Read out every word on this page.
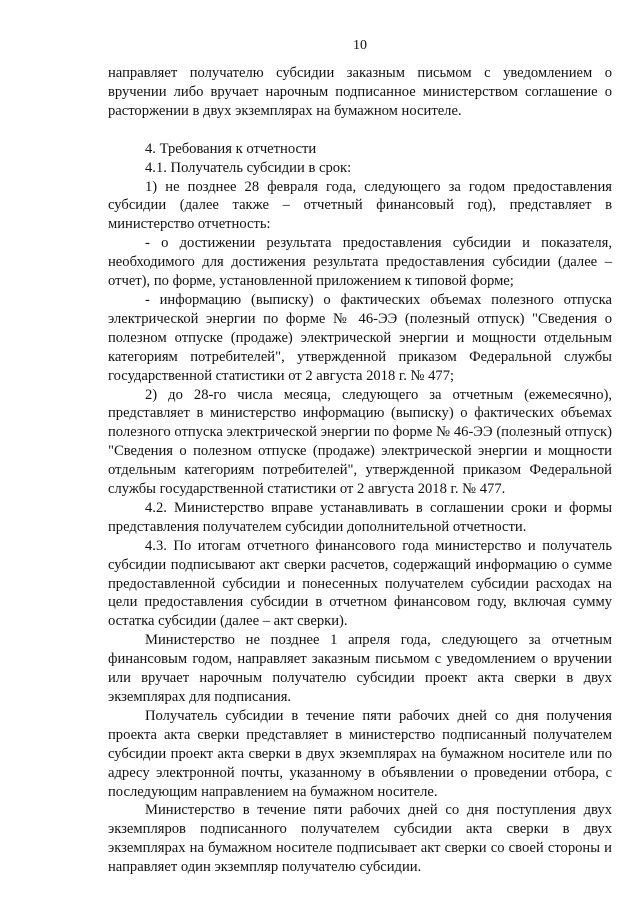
10

направляет получателю субсидии заказным письмом с уведомлением о вручении либо вручает нарочным подписанное министерством соглашение о расторжении в двух экземплярах на бумажном носителе.

4. Требования к отчетности

4.1. Получатель субсидии в срок:

1) не позднее 28 февраля года, следующего за годом предоставления субсидии (далее также – отчетный финансовый год), представляет в министерство отчетность:

- о достижении результата предоставления субсидии и показателя, необходимого для достижения результата предоставления субсидии (далее – отчет), по форме, установленной приложением к типовой форме;

- информацию (выписку) о фактических объемах полезного отпуска электрической энергии по форме № 46-ЭЭ (полезный отпуск) "Сведения о полезном отпуске (продаже) электрической энергии и мощности отдельным категориям потребителей", утвержденной приказом Федеральной службы государственной статистики от 2 августа 2018 г. № 477;

2) до 28-го числа месяца, следующего за отчетным (ежемесячно), представляет в министерство информацию (выписку) о фактических объемах полезного отпуска электрической энергии по форме № 46-ЭЭ (полезный отпуск) "Сведения о полезном отпуске (продаже) электрической энергии и мощности отдельным категориям потребителей", утвержденной приказом Федеральной службы государственной статистики от 2 августа 2018 г. № 477.

4.2. Министерство вправе устанавливать в соглашении сроки и формы представления получателем субсидии дополнительной отчетности.

4.3. По итогам отчетного финансового года министерство и получатель субсидии подписывают акт сверки расчетов, содержащий информацию о сумме предоставленной субсидии и понесенных получателем субсидии расходах на цели предоставления субсидии в отчетном финансовом году, включая сумму остатка субсидии (далее – акт сверки).

Министерство не позднее 1 апреля года, следующего за отчетным финансовым годом, направляет заказным письмом с уведомлением о вручении или вручает нарочным получателю субсидии проект акта сверки в двух экземплярах для подписания.

Получатель субсидии в течение пяти рабочих дней со дня получения проекта акта сверки представляет в министерство подписанный получателем субсидии проект акта сверки в двух экземплярах на бумажном носителе или по адресу электронной почты, указанному в объявлении о проведении отбора, с последующим направлением на бумажном носителе.

Министерство в течение пяти рабочих дней со дня поступления двух экземпляров подписанного получателем субсидии акта сверки в двух экземплярах на бумажном носителе подписывает акт сверки со своей стороны и направляет один экземпляр получателю субсидии.
